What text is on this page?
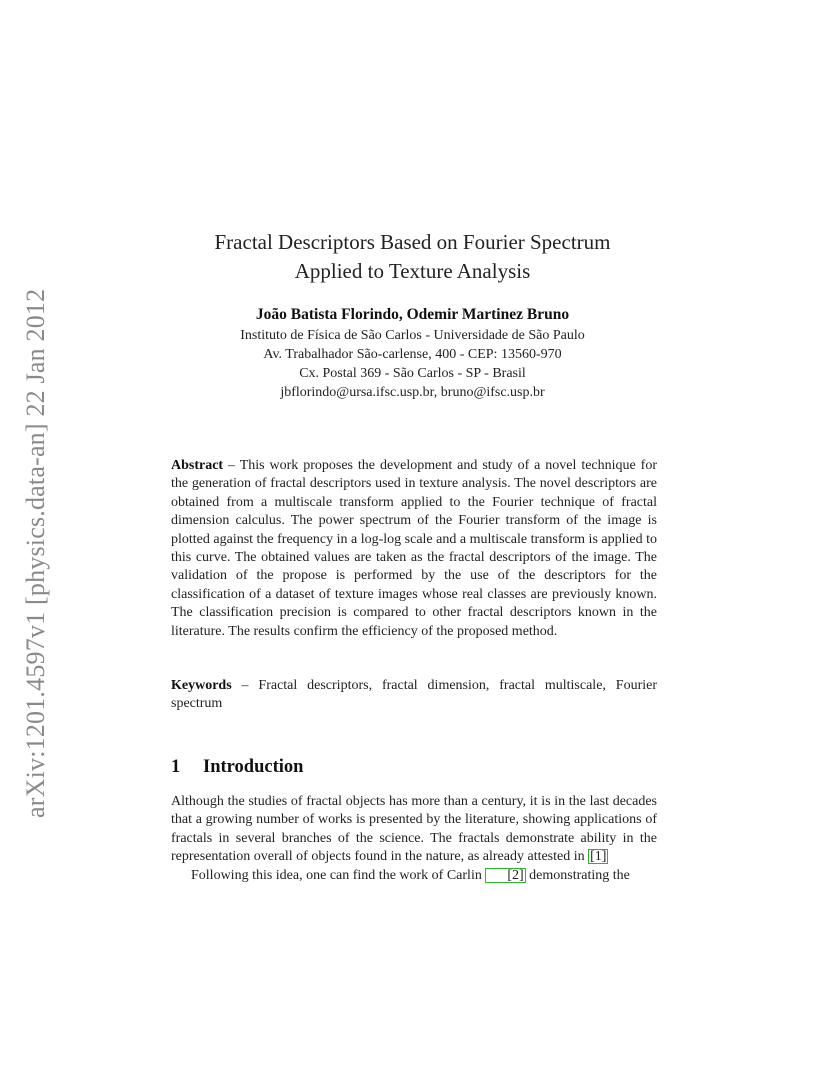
arXiv:1201.4597v1 [physics.data-an] 22 Jan 2012
Fractal Descriptors Based on Fourier Spectrum
Applied to Texture Analysis
João Batista Florindo, Odemir Martinez Bruno
Instituto de Física de São Carlos - Universidade de São Paulo
Av. Trabalhador São-carlense, 400 - CEP: 13560-970
Cx. Postal 369 - São Carlos - SP - Brasil
jbflorindo@ursa.ifsc.usp.br, bruno@ifsc.usp.br
Abstract – This work proposes the development and study of a novel technique for the generation of fractal descriptors used in texture analysis. The novel descriptors are obtained from a multiscale transform applied to the Fourier technique of fractal dimension calculus. The power spectrum of the Fourier transform of the image is plotted against the frequency in a log-log scale and a multiscale transform is applied to this curve. The obtained values are taken as the fractal descriptors of the image. The validation of the propose is performed by the use of the descriptors for the classification of a dataset of texture images whose real classes are previously known. The classification precision is compared to other fractal descriptors known in the literature. The results confirm the efficiency of the proposed method.
Keywords – Fractal descriptors, fractal dimension, fractal multiscale, Fourier spectrum
1 Introduction

Although the studies of fractal objects has more than a century, it is in the last decades that a growing number of works is presented by the literature, showing applications of fractals in several branches of the science. The fractals demonstrate ability in the representation overall of objects found in the nature, as already attested in [1]

Following this idea, one can find the work of Carlin [2] demonstrating the
